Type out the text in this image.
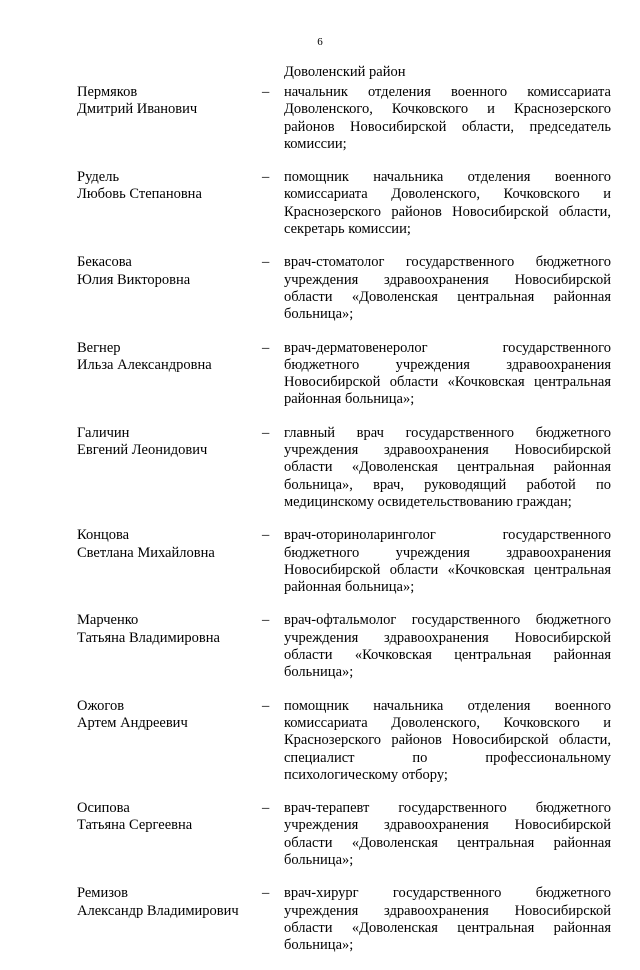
6
Доволенский район
Пермяков
Дмитрий Иванович
–	начальник отделения военного комиссариата Доволенского, Кочковского и Краснозерского районов Новосибирской области, председатель комиссии;
Рудель
Любовь Степановна
–	помощник начальника отделения военного комиссариата Доволенского, Кочковского и Краснозерского районов Новосибирской области, секретарь комиссии;
Бекасова
Юлия Викторовна
–	врач-стоматолог государственного бюджетного учреждения здравоохранения Новосибирской области «Доволенская центральная районная больница»;
Вегнер
Ильза Александровна
–	врач-дерматовенеролог государственного бюджетного учреждения здравоохранения Новосибирской области «Кочковская центральная районная больница»;
Галичин
Евгений Леонидович
–	главный врач государственного бюджетного учреждения здравоохранения Новосибирской области «Доволенская центральная районная больница», врач, руководящий работой по медицинскому освидетельствованию граждан;
Концова
Светлана Михайловна
–	врач-оториноларинголог государственного бюджетного учреждения здравоохранения Новосибирской области «Кочковская центральная районная больница»;
Марченко
Татьяна Владимировна
–	врач-офтальмолог государственного бюджетного учреждения здравоохранения Новосибирской области «Кочковская центральная районная больница»;
Ожогов
Артем Андреевич
–	помощник начальника отделения военного комиссариата Доволенского, Кочковского и Краснозерского районов Новосибирской области, специалист по профессиональному психологическому отбору;
Осипова
Татьяна Сергеевна
–	врач-терапевт государственного бюджетного учреждения здравоохранения Новосибирской области «Доволенская центральная районная больница»;
Ремизов
Александр Владимирович
–	врач-хирург государственного бюджетного учреждения здравоохранения Новосибирской области «Доволенская центральная районная больница»;
